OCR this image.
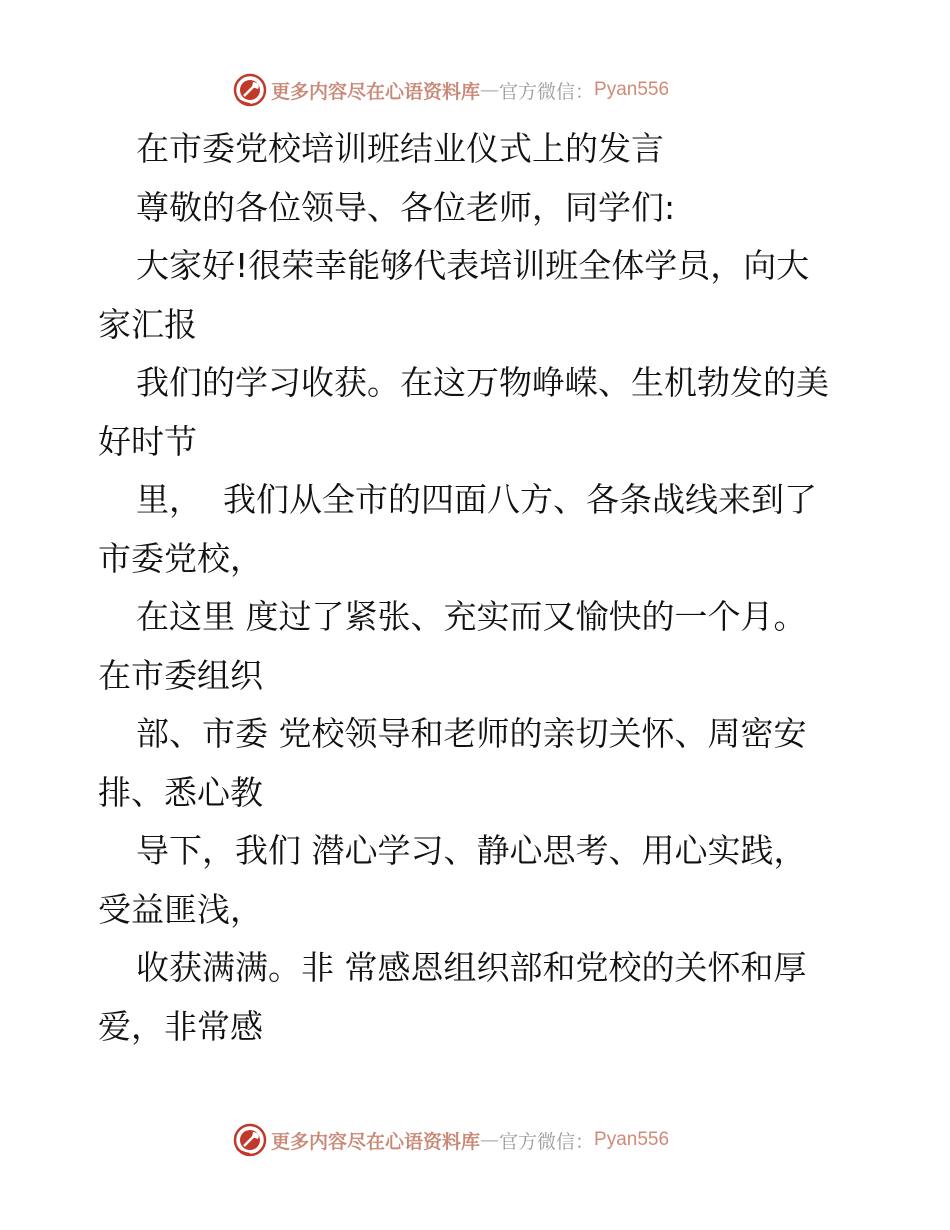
更多内容尽在心语资料库 — 官方微信： Pyan556
在市委党校培训班结业仪式上的发言
尊敬的各位领导、各位老师，同学们:
大家好!很荣幸能够代表培训班全体学员，向大
家汇报
我们的学习收获。在这万物峥嵘、生机勃发的美
好时节
里，  我们从全市的四面八方、各条战线来到了
市委党校，
在这里 度过了紧张、充实而又愉快的一个月。
在市委组织
部、市委 党校领导和老师的亲切关怀、周密安
排、悉心教
导下，我们 潜心学习、静心思考、用心实践，
受益匪浅，
收获满满。非 常感恩组织部和党校的关怀和厚
爱，非常感
更多内容尽在心语资料库 — 官方微信： Pyan556
